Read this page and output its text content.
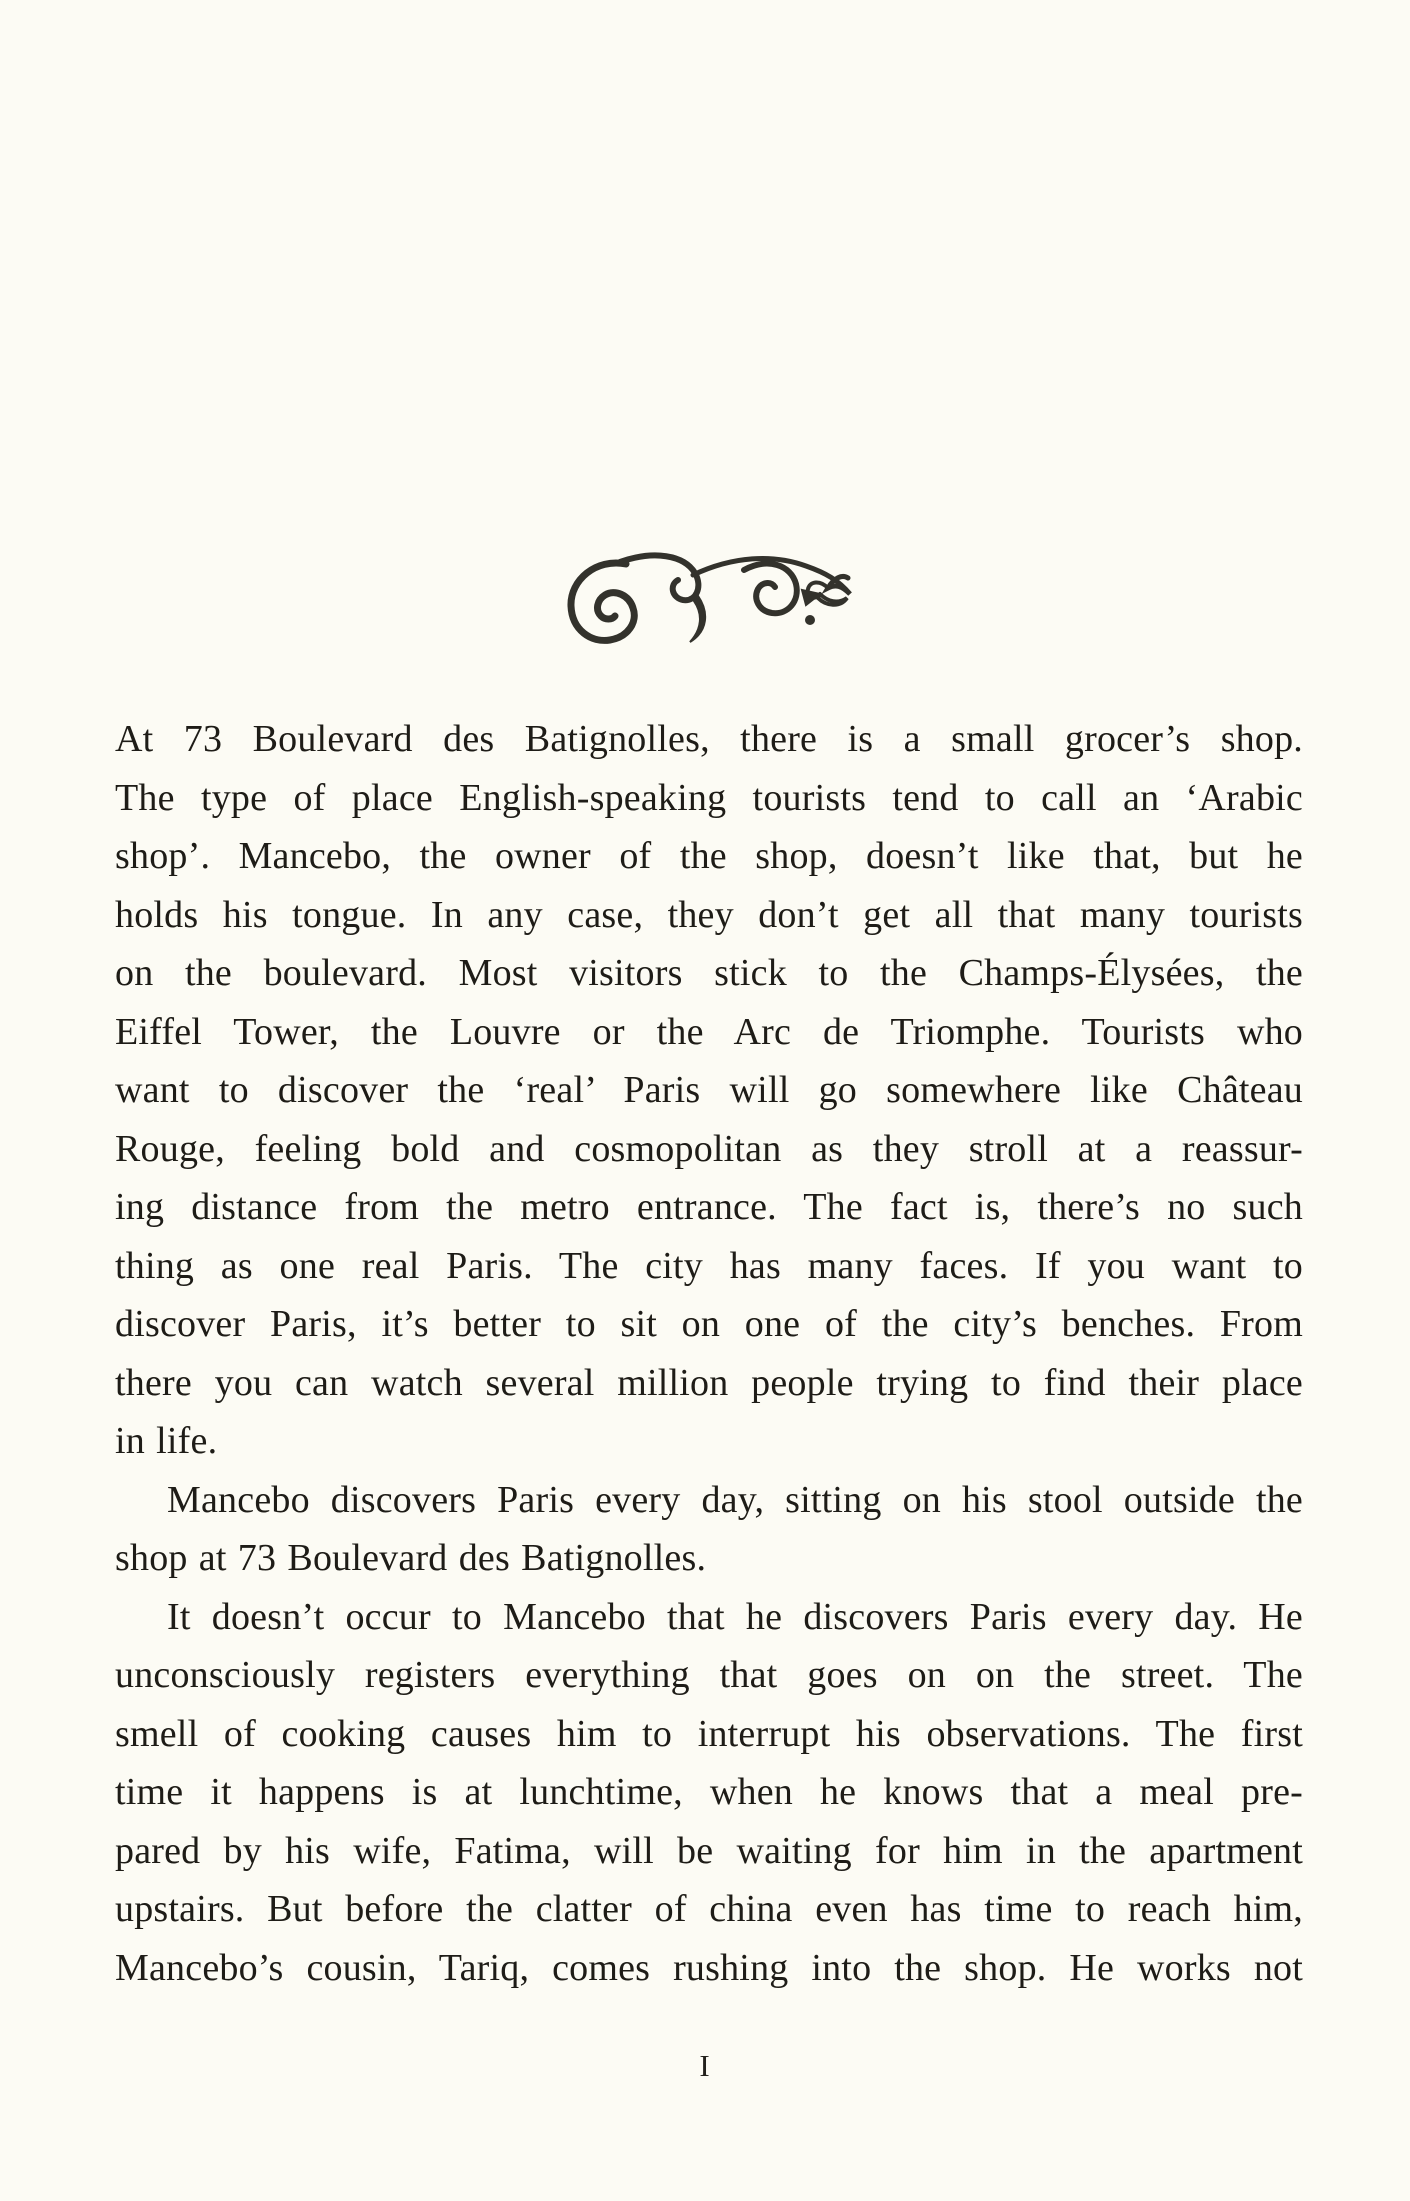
At 73 Boulevard des Batignolles, there is a small grocer’s shop.
The type of place English-speaking tourists tend to call an ‘Arabic
shop’. Mancebo, the owner of the shop, doesn’t like that, but he
holds his tongue. In any case, they don’t get all that many tourists
on the boulevard. Most visitors stick to the Champs-Élysées, the
Eiffel Tower, the Louvre or the Arc de Triomphe. Tourists who
want to discover the ‘real’ Paris will go somewhere like Château
Rouge, feeling bold and cosmopolitan as they stroll at a reassur-
ing distance from the metro entrance. The fact is, there’s no such
thing as one real Paris. The city has many faces. If you want to
discover Paris, it’s better to sit on one of the city’s benches. From
there you can watch several million people trying to find their place
in life.
Mancebo discovers Paris every day, sitting on his stool outside the
shop at 73 Boulevard des Batignolles.
It doesn’t occur to Mancebo that he discovers Paris every day. He
unconsciously registers everything that goes on on the street. The
smell of cooking causes him to interrupt his observations. The first
time it happens is at lunchtime, when he knows that a meal pre-
pared by his wife, Fatima, will be waiting for him in the apartment
upstairs. But before the clatter of china even has time to reach him,
Mancebo’s cousin, Tariq, comes rushing into the shop. He works not
I
